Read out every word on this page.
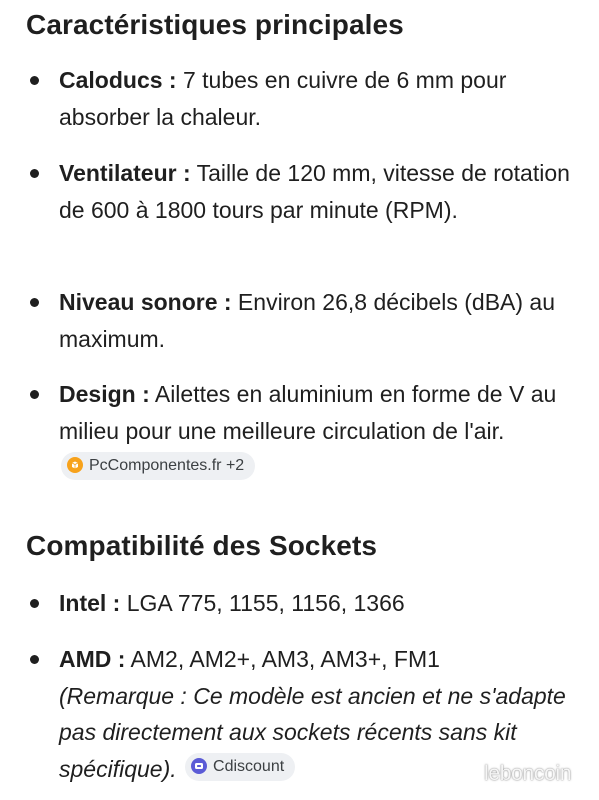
Caractéristiques principales
Caloducs : 7 tubes en cuivre de 6 mm pour absorber la chaleur.
Ventilateur : Taille de 120 mm, vitesse de rotation de 600 à 1800 tours par minute (RPM).
Niveau sonore : Environ 26,8 décibels (dBA) au maximum.
Design : Ailettes en aluminium en forme de V au milieu pour une meilleure circulation de l'air.
PcComponentes.fr +2
Compatibilité des Sockets
Intel : LGA 775, 1155, 1156, 1366
AMD : AM2, AM2+, AM3, AM3+, FM1
(Remarque : Ce modèle est ancien et ne s'adapte pas directement aux sockets récents sans kit spécifique). Cdiscount	leboncoin
